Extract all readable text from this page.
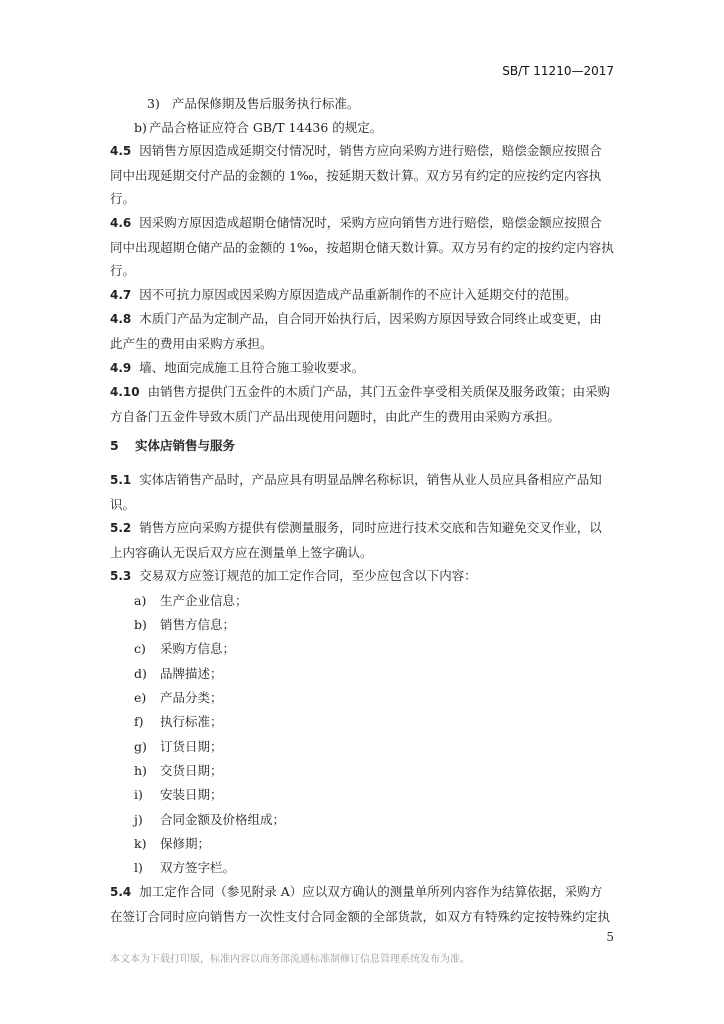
SB/T 11210—2017

3) 产品保修期及售后服务执行标准。

b) 产品合格证应符合 GB/T 14436 的规定。

4.5 因销售方原因造成延期交付情况时，销售方应向采购方进行赔偿，赔偿金额应按照合同中出现延期交付产品的金额的 1‰，按延期天数计算。双方另有约定的应按约定内容执行。

4.6 因采购方原因造成超期仓储情况时，采购方应向销售方进行赔偿，赔偿金额应按照合同中出现超期仓储产品的金额的 1‰，按超期仓储天数计算。双方另有约定的按约定内容执行。

4.7 因不可抗力原因或因采购方原因造成产品重新制作的不应计入延期交付的范围。

4.8 木质门产品为定制产品，自合同开始执行后，因采购方原因导致合同终止或变更，由此产生的费用由采购方承担。

4.9 墙、地面完成施工且符合施工验收要求。

4.10 由销售方提供门五金件的木质门产品，其门五金件享受相关质保及服务政策；由采购方自备门五金件导致木质门产品出现使用问题时，由此产生的费用由采购方承担。

5 实体店销售与服务

5.1 实体店销售产品时，产品应具有明显品牌名称标识，销售从业人员应具备相应产品知识。

5.2 销售方应向采购方提供有偿测量服务，同时应进行技术交底和告知避免交叉作业，以上内容确认无误后双方应在测量单上签字确认。

5.3 交易双方应签订规范的加工定作合同，至少应包含以下内容：

a) 生产企业信息；
b) 销售方信息；
c) 采购方信息；
d) 品牌描述；
e) 产品分类；
f) 执行标准；
g) 订货日期；
h) 交货日期；
i) 安装日期；
j) 合同金额及价格组成；
k) 保修期；
l) 双方签字栏。

5.4 加工定作合同（参见附录 A）应以双方确认的测量单所列内容作为结算依据，采购方在签订合同时应向销售方一次性支付合同金额的全部货款，如双方有特殊约定按特殊约定执

5
本文本为下载打印版，标准内容以商务部流通标准制修订信息管理系统发布为准。
